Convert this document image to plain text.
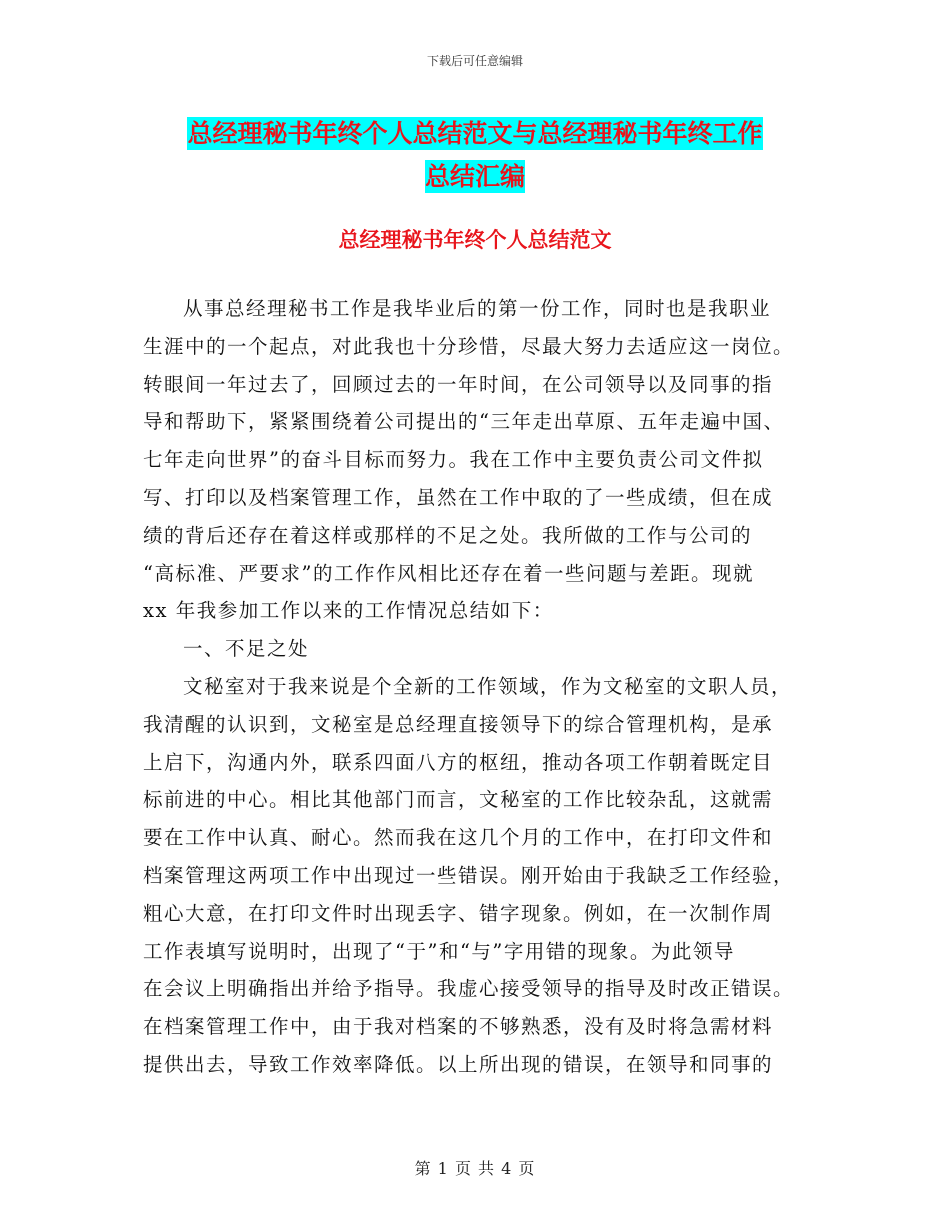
下载后可任意编辑
总经理秘书年终个人总结范文与总经理秘书年终工作
总结汇编
总经理秘书年终个人总结范文
从事总经理秘书工作是我毕业后的第一份工作，同时也是我职业
生涯中的一个起点，对此我也十分珍惜，尽最大努力去适应这一岗位。
转眼间一年过去了，回顾过去的一年时间，在公司领导以及同事的指
导和帮助下，紧紧围绕着公司提出的“三年走出草原、五年走遍中国、
七年走向世界”的奋斗目标而努力。我在工作中主要负责公司文件拟
写、打印以及档案管理工作，虽然在工作中取的了一些成绩，但在成
绩的背后还存在着这样或那样的不足之处。我所做的工作与公司的
“高标准、严要求”的工作作风相比还存在着一些问题与差距。现就
xx 年我参加工作以来的工作情况总结如下：
一、不足之处
文秘室对于我来说是个全新的工作领域，作为文秘室的文职人员，
我清醒的认识到，文秘室是总经理直接领导下的综合管理机构，是承
上启下，沟通内外，联系四面八方的枢纽，推动各项工作朝着既定目
标前进的中心。相比其他部门而言，文秘室的工作比较杂乱，这就需
要在工作中认真、耐心。然而我在这几个月的工作中，在打印文件和
档案管理这两项工作中出现过一些错误。刚开始由于我缺乏工作经验，
粗心大意，在打印文件时出现丢字、错字现象。例如，在一次制作周
工作表填写说明时，出现了“于”和“与”字用错的现象。为此领导
在会议上明确指出并给予指导。我虚心接受领导的指导及时改正错误。
在档案管理工作中，由于我对档案的不够熟悉，没有及时将急需材料
提供出去，导致工作效率降低。以上所出现的错误，在领导和同事的
第 1 页 共 4 页
